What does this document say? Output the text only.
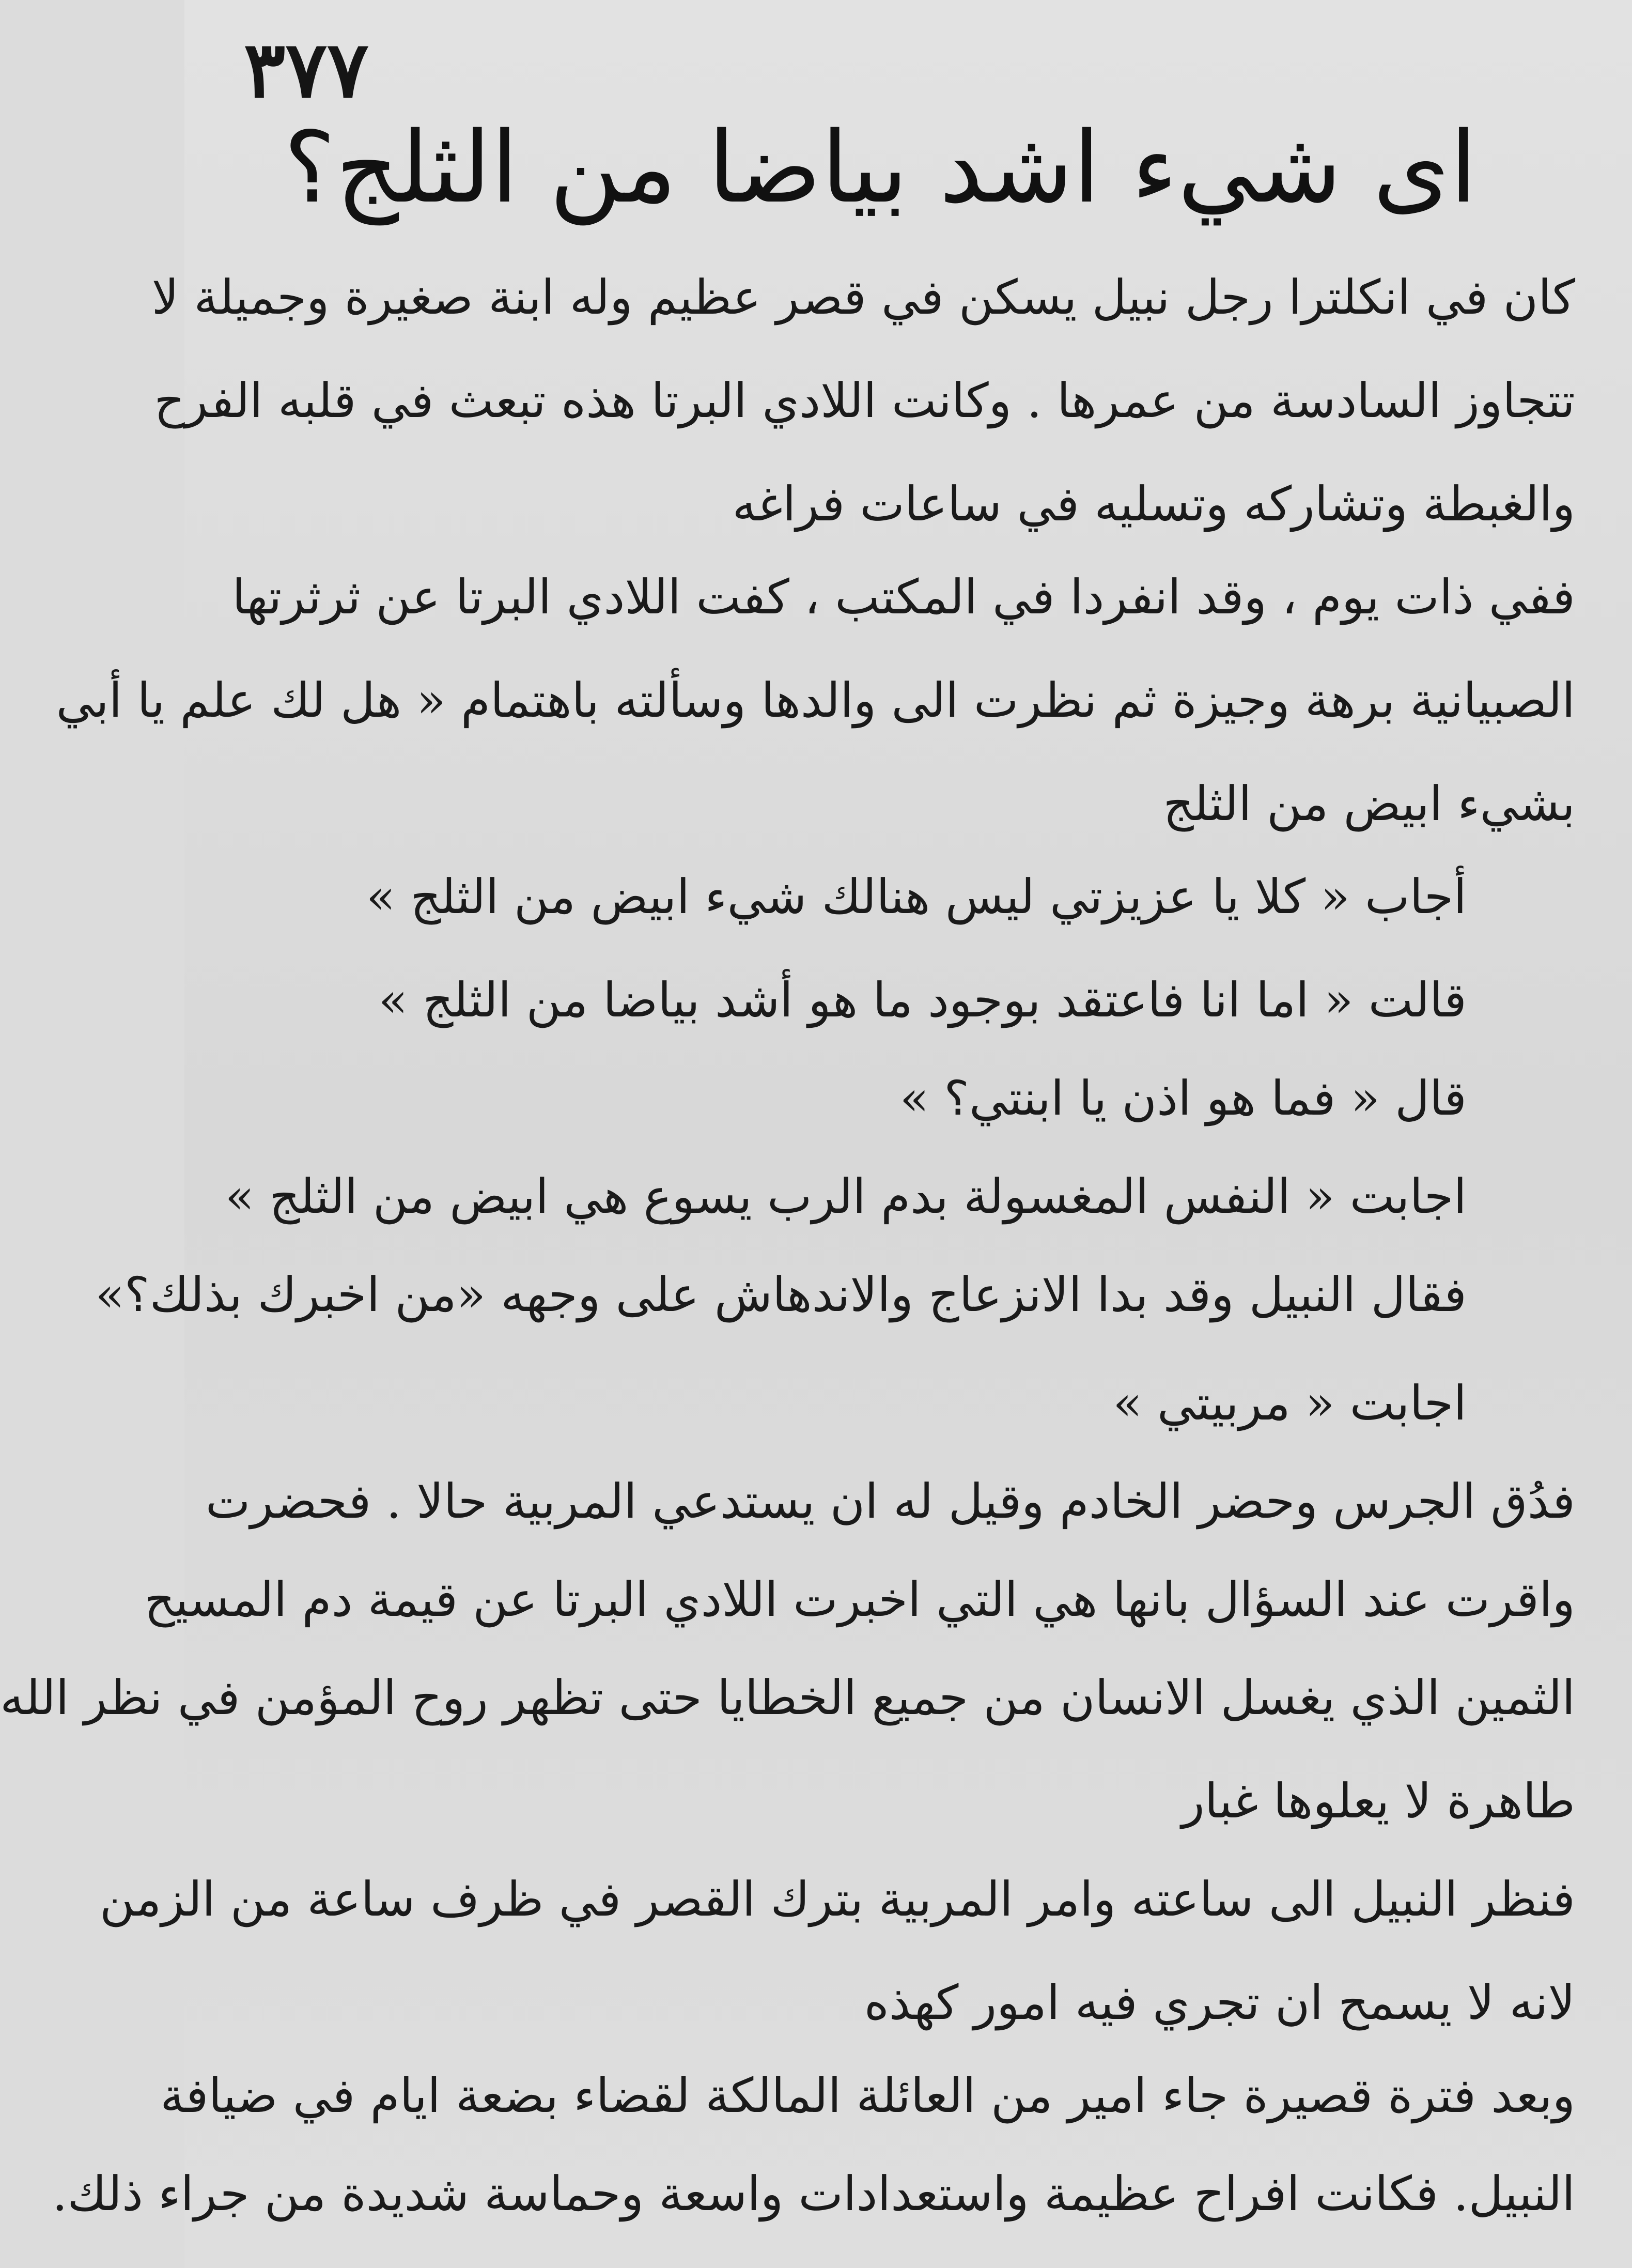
٣٧٧
اى شيء اشد بياضا من الثلج؟
كان في انكلترا رجل نبيل يسكن في قصر عظيم وله ابنة صغيرة وجميلة لا
تتجاوز السادسة من عمرها . وكانت اللادي البرتا هذه تبعث في قلبه الفرح
والغبطة وتشاركه وتسليه في ساعات فراغه
ففي ذات يوم ، وقد انفردا في المكتب ، كفت اللادي البرتا عن ثرثرتها
الصبيانية برهة وجيزة ثم نظرت الى والدها وسألته باهتمام « هل لك علم يا أبي
بشيء ابيض من الثلج
أجاب « كلا يا عزيزتي ليس هنالك شيء ابيض من الثلج »
قالت « اما انا فاعتقد بوجود ما هو أشد بياضا من الثلج »
قال « فما هو اذن يا ابنتي؟ »
اجابت « النفس المغسولة بدم الرب يسوع هي ابيض من الثلج »
فقال النبيل وقد بدا الانزعاج والاندهاش على وجهه «من اخبرك بذلك؟»
اجابت « مربيتي »
فدُق الجرس وحضر الخادم وقيل له ان يستدعي المربية حالا . فحضرت
واقرت عند السؤال بانها هي التي اخبرت اللادي البرتا عن قيمة دم المسيح
الثمين الذي يغسل الانسان من جميع الخطايا حتى تظهر روح المؤمن في نظر الله
طاهرة لا يعلوها غبار
فنظر النبيل الى ساعته وامر المربية بترك القصر في ظرف ساعة من الزمن
لانه لا يسمح ان تجري فيه امور كهذه
وبعد فترة قصيرة جاء امير من العائلة المالكة لقضاء بضعة ايام في ضيافة
النبيل. فكانت افراح عظيمة واستعدادات واسعة وحماسة شديدة من جراء ذلك.
